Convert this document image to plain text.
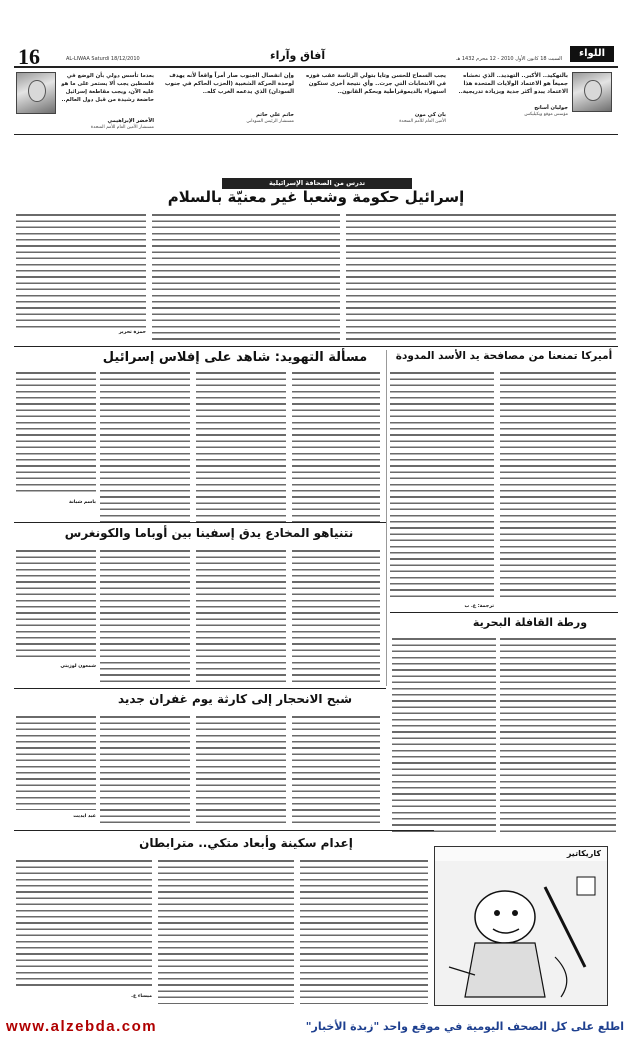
16	AL-LIWAA Saturdi 18/12/2010	آفاق وآراء	السبت 18 كانون الأول 2010 - 12 محرم 1432 هـ	اللواء
بالتهكيد.. الأكبر.. التهديد.. الذي نخشاه جميعاً هو الاعتماد الولايات المتحدة هذا الاعتماد يبدو أكثر جدية وبزيادة تدريجية..
جوليان أسانج
مؤسس موقع ويكيليكس
يجب السماح للحسن وتايا بتولي الرئاسة عقب فوزه في الانتخابات التي جرت.. وأي نتيجة أخرى ستكون استهزاء بالديموقراطية وبحكم القانون..
بان كي مون
الأمين العام للأمم المتحدة
وإن انفصال الجنوب صار أمراً واقعاً لأنه يهدف لوحدة الحركة الشعبية (الحزب الحاكم في جنوب السودان) الذي يدعمه الغرب كله..
حاتم علي حاتم
مستشار الرئيس السوداني
بعدما تأسس دولي بأن الوضع في فلسطين يجب ألا يستمر على ما هو عليه الآن، ويجب مقاطعة إسرائيل حاضعة رشيدة من قبل دول العالم..
الأخضر الإبراهيمي
مستشار الأمين العام للأمم المتحدة
تدرس من الصحافة الإسرائيلية
إسرائيل حكومة وشعبا غير معنيّة بالسلام
حمزة تحرير
أميركا تمنعنا من مصافحة يد الأسد المدودة
مسألة التهويد: شاهد على إفلاس إسرائيل
ترجمة: ع. ب
باسم شبانة
نتنياهو المخادع يدق إسفينا بين أوباما والكونغرس
شمعون لوزيتي
ورطة القافلة البحرية
شبح الانحجار إلى كارثة يوم غفران جديد
عبد ايديت
إعدام سكينة وأبعاد متكي.. مترابطان
ميساء ع.
كاريكاتير
www.alzebda.com	اطلع على كل الصحف اليومية في موقع واحد "زبدة الأخبار"
